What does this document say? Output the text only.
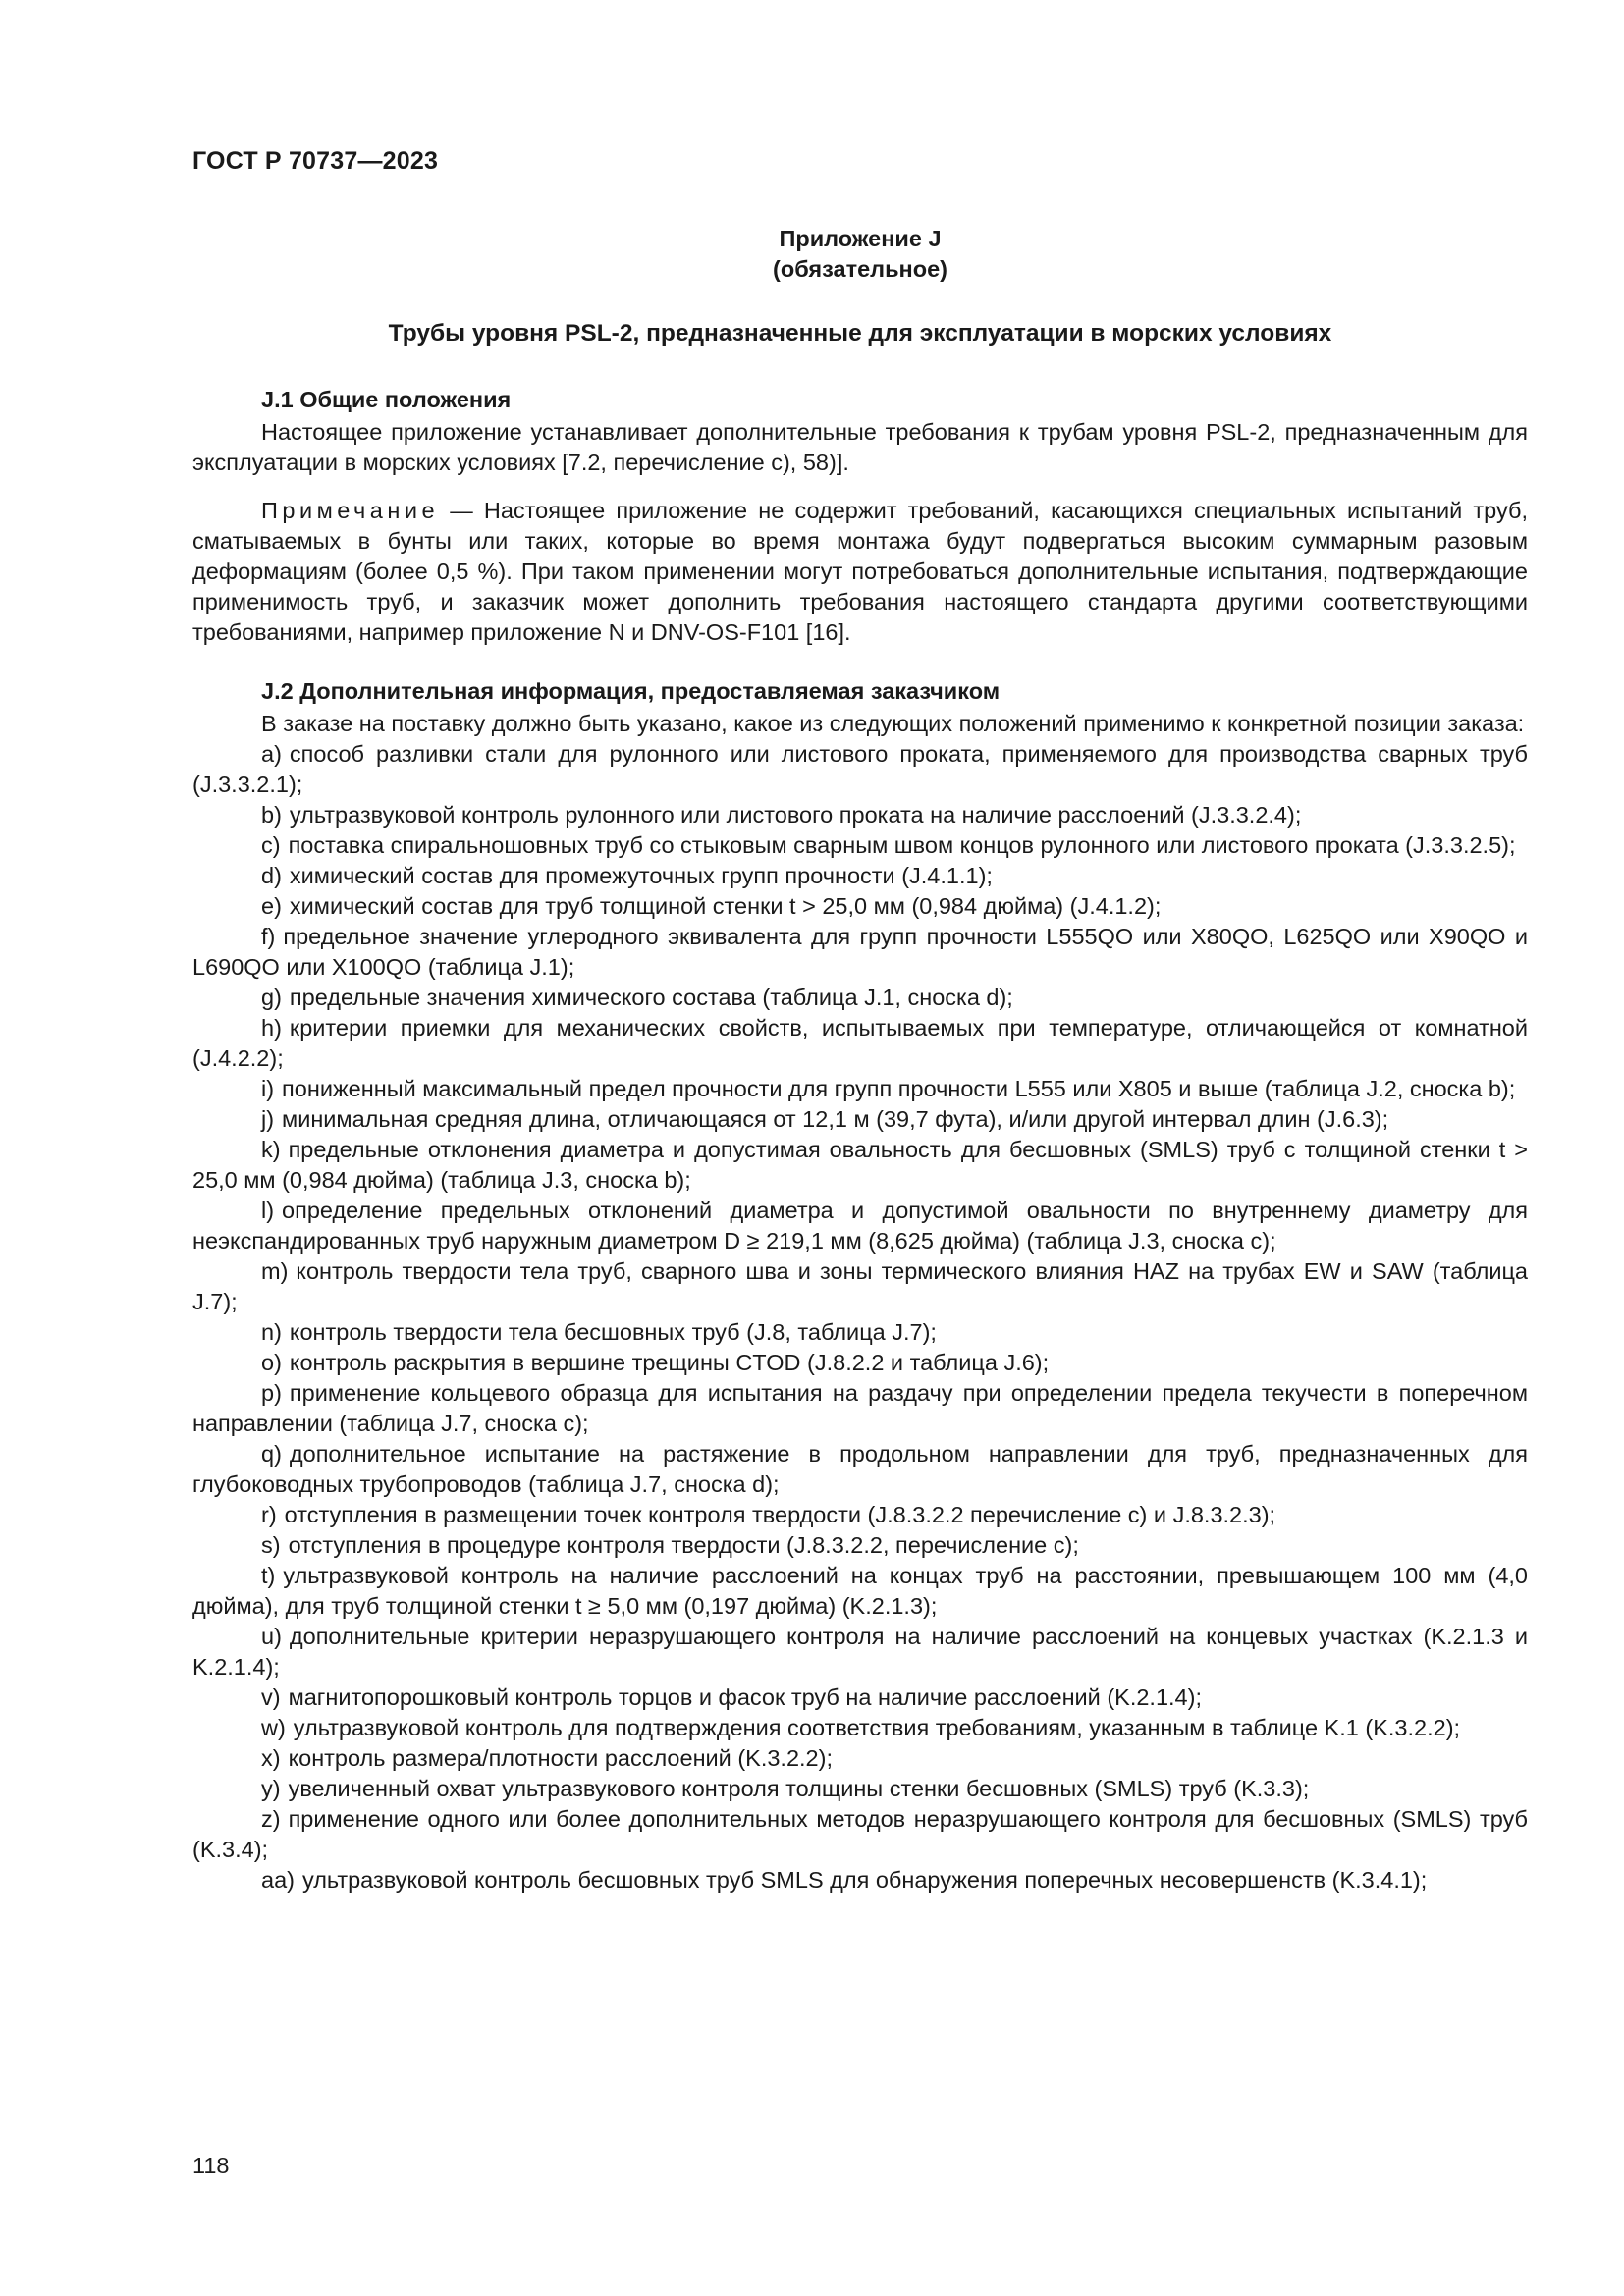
ГОСТ Р 70737—2023
Приложение J
(обязательное)
Трубы уровня PSL-2, предназначенные для эксплуатации в морских условиях
J.1 Общие положения

Настоящее приложение устанавливает дополнительные требования к трубам уровня PSL-2, предназначенным для эксплуатации в морских условиях [7.2, перечисление с), 58)].

Примечание — Настоящее приложение не содержит требований, касающихся специальных испытаний труб, сматываемых в бунты или таких, которые во время монтажа будут подвергаться высоким суммарным разовым деформациям (более 0,5 %). При таком применении могут потребоваться дополнительные испытания, подтверждающие применимость труб, и заказчик может дополнить требования настоящего стандарта другими соответствующими требованиями, например приложение N и DNV-OS-F101 [16].

J.2 Дополнительная информация, предоставляемая заказчиком

В заказе на поставку должно быть указано, какое из следующих положений применимо к конкретной позиции заказа:

a) способ разливки стали для рулонного или листового проката, применяемого для производства сварных труб (J.3.3.2.1);
b) ультразвуковой контроль рулонного или листового проката на наличие расслоений (J.3.3.2.4);
c) поставка спиральношовных труб со стыковым сварным швом концов рулонного или листового проката (J.3.3.2.5);
d) химический состав для промежуточных групп прочности (J.4.1.1);
e) химический состав для труб толщиной стенки t > 25,0 мм (0,984 дюйма) (J.4.1.2);
f) предельное значение углеродного эквивалента для групп прочности L555QO или X80QO, L625QO или X90QO и L690QO или X100QO (таблица J.1);
g) предельные значения химического состава (таблица J.1, сноска d);
h) критерии приемки для механических свойств, испытываемых при температуре, отличающейся от комнатной (J.4.2.2);
i) пониженный максимальный предел прочности для групп прочности L555 или X805 и выше (таблица J.2, сноска b);
j) минимальная средняя длина, отличающаяся от 12,1 м (39,7 фута), и/или другой интервал длин (J.6.3);
k) предельные отклонения диаметра и допустимая овальность для бесшовных (SMLS) труб с толщиной стенки t > 25,0 мм (0,984 дюйма) (таблица J.3, сноска b);
l) определение предельных отклонений диаметра и допустимой овальности по внутреннему диаметру для неэкспандированных труб наружным диаметром D ≥ 219,1 мм (8,625 дюйма) (таблица J.3, сноска с);
m) контроль твердости тела труб, сварного шва и зоны термического влияния HAZ на трубах EW и SAW (таблица J.7);
n) контроль твердости тела бесшовных труб (J.8, таблица J.7);
o) контроль раскрытия в вершине трещины CTOD (J.8.2.2 и таблица J.6);
p) применение кольцевого образца для испытания на раздачу при определении предела текучести в поперечном направлении (таблица J.7, сноска с);
q) дополнительное испытание на растяжение в продольном направлении для труб, предназначенных для глубоководных трубопроводов (таблица J.7, сноска d);
r) отступления в размещении точек контроля твердости (J.8.3.2.2 перечисление с) и J.8.3.2.3);
s) отступления в процедуре контроля твердости (J.8.3.2.2, перечисление с);
t) ультразвуковой контроль на наличие расслоений на концах труб на расстоянии, превышающем 100 мм (4,0 дюйма), для труб толщиной стенки t ≥ 5,0 мм (0,197 дюйма) (K.2.1.3);
u) дополнительные критерии неразрушающего контроля на наличие расслоений на концевых участках (K.2.1.3 и K.2.1.4);
v) магнитопорошковый контроль торцов и фасок труб на наличие расслоений (K.2.1.4);
w) ультразвуковой контроль для подтверждения соответствия требованиям, указанным в таблице K.1 (K.3.2.2);
x) контроль размера/плотности расслоений (K.3.2.2);
y) увеличенный охват ультразвукового контроля толщины стенки бесшовных (SMLS) труб (K.3.3);
z) применение одного или более дополнительных методов неразрушающего контроля для бесшовных (SMLS) труб (K.3.4);
aa) ультразвуковой контроль бесшовных труб SMLS для обнаружения поперечных несовершенств (K.3.4.1);
118
